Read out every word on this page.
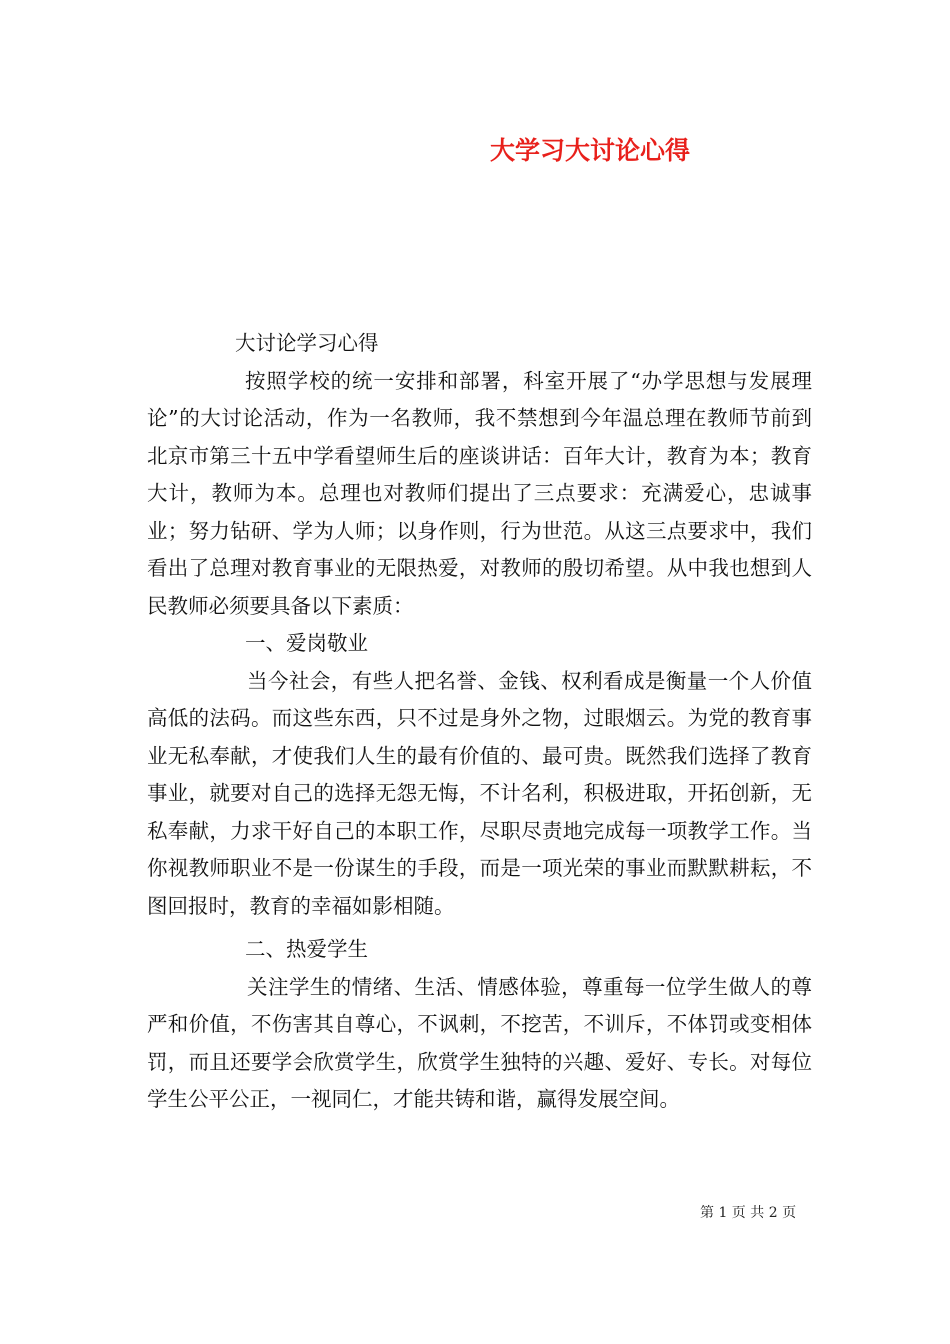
大学习大讨论心得

大讨论学习心得

按照学校的统一安排和部署，科室开展了“办学思想与发展理论”的大讨论活动，作为一名教师，我不禁想到今年温总理在教师节前到北京市第三十五中学看望师生后的座谈讲话：百年大计，教育为本；教育大计，教师为本。总理也对教师们提出了三点要求：充满爱心，忠诚事业；努力钻研、学为人师；以身作则，行为世范。从这三点要求中，我们看出了总理对教育事业的无限热爱，对教师的殷切希望。从中我也想到人民教师必须要具备以下素质：

一、爱岗敬业

当今社会，有些人把名誉、金钱、权利看成是衡量一个人价值高低的法码。而这些东西，只不过是身外之物，过眼烟云。为党的教育事业无私奉献，才使我们人生的最有价值的、最可贵。既然我们选择了教育事业，就要对自己的选择无怨无悔，不计名利，积极进取，开拓创新，无私奉献，力求干好自己的本职工作，尽职尽责地完成每一项教学工作。当你视教师职业不是一份谋生的手段，而是一项光荣的事业而默默耕耘，不图回报时，教育的幸福如影相随。

二、热爱学生

关注学生的情绪、生活、情感体验，尊重每一位学生做人的尊严和价值，不伤害其自尊心，不讽刺，不挖苦，不训斥，不体罚或变相体罚，而且还要学会欣赏学生，欣赏学生独特的兴趣、爱好、专长。对每位学生公平公正，一视同仁，才能共铸和谐，赢得发展空间。

第 1 页 共 2 页
